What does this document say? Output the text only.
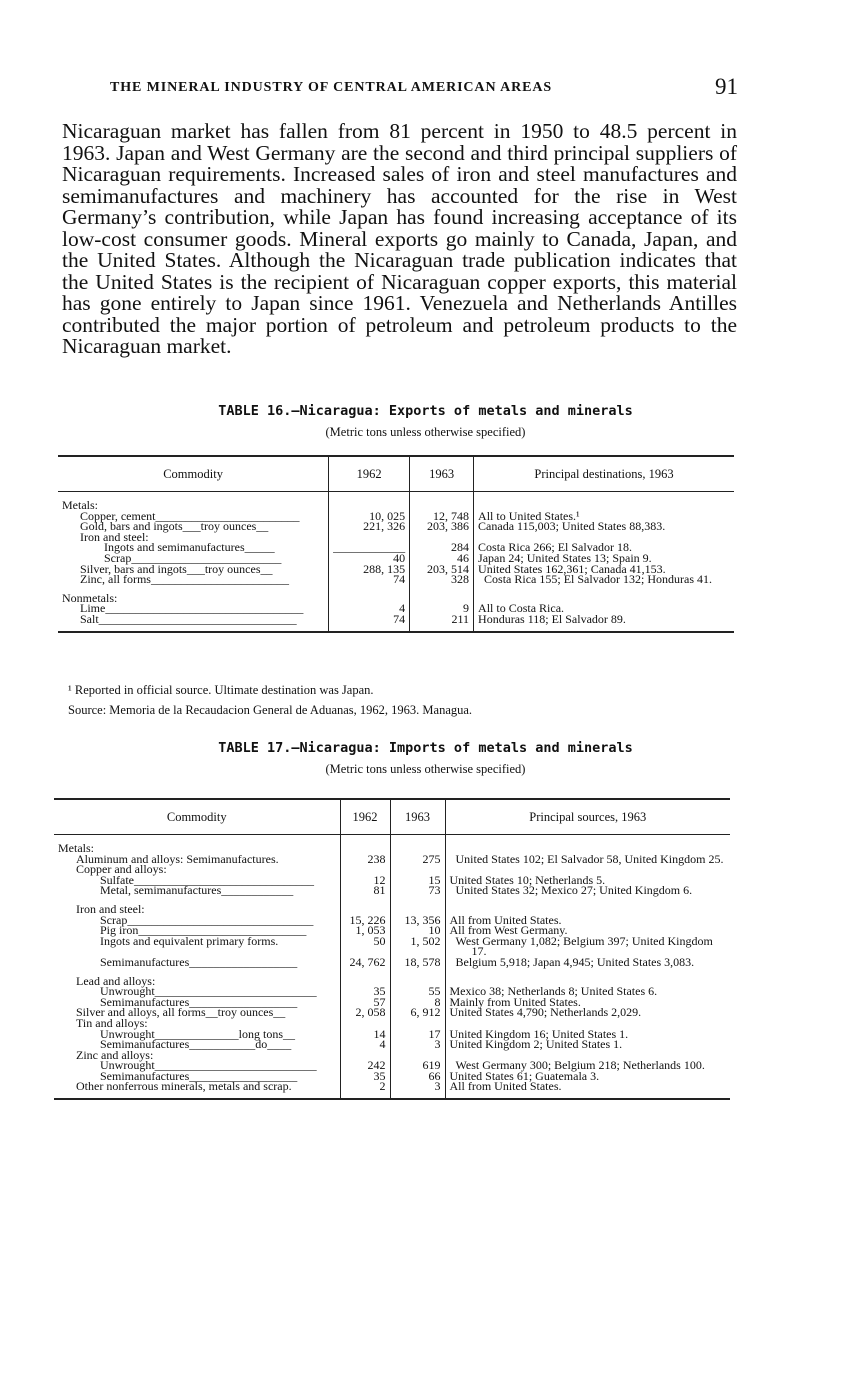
THE MINERAL INDUSTRY OF CENTRAL AMERICAN AREAS	91

Nicaraguan market has fallen from 81 percent in 1950 to 48.5 percent in 1963. Japan and West Germany are the second and third principal suppliers of Nicaraguan requirements. Increased sales of iron and steel manufactures and semimanufactures and machinery has accounted for the rise in West Germany’s contribution, while Japan has found increasing acceptance of its low-cost consumer goods. Mineral exports go mainly to Canada, Japan, and the United States. Although the Nicaraguan trade publication indicates that the United States is the recipient of Nicaraguan copper exports, this material has gone entirely to Japan since 1961. Venezuela and Netherlands Antilles contributed the major portion of petroleum and petroleum products to the Nicaraguan market.

TABLE 16.—Nicaragua: Exports of metals and minerals
(Metric tons unless otherwise specified)
Commodity	1962	1963	Principal destinations, 1963

Metals:			
Copper, cement________________________	10, 025	12, 748	All to United States.¹
Gold, bars and ingots___troy ounces__	221, 326	203, 386	Canada 115,003; United States 88,383.
Iron and steel:			
Ingots and semimanufactures_____	____________	284	Costa Rica 266; El Salvador 18.
Scrap_________________________	40	46	Japan 24; United States 13; Spain 9.
Silver, bars and ingots___troy ounces__	288, 135	203, 514	United States 162,361; Canada 41,153.
Zinc, all forms_______________________	74	328	Costa Rica 155; El Salvador 132; Honduras 41.

Nonmetals:			
Lime_________________________________	4	9	All to Costa Rica.
Salt_________________________________	74	211	Honduras 118; El Salvador 89.
¹ Reported in official source. Ultimate destination was Japan.
Source: Memoria de la Recaudacion General de Aduanas, 1962, 1963. Managua.
TABLE 17.—Nicaragua: Imports of metals and minerals
(Metric tons unless otherwise specified)
Commodity	1962	1963	Principal sources, 1963

Metals:			
Aluminum and alloys: Semimanufactures.	238	275	United States 102; El Salvador 58, United Kingdom 25.
Copper and alloys:			
Sulfate______________________________	12	15	United States 10; Netherlands 5.
Metal, semimanufactures____________	81	73	United States 32; Mexico 27; United Kingdom 6.

Iron and steel:			
Scrap_______________________________	15, 226	13, 356	All from United States.
Pig iron____________________________	1, 053	10	All from West Germany.
Ingots and equivalent primary forms.	50	1, 502	West Germany 1,082; Belgium 397; United Kingdom 17.
Semimanufactures__________________	24, 762	18, 578	Belgium 5,918; Japan 4,945; United States 3,083.

Lead and alloys:			
Unwrought___________________________	35	55	Mexico 38; Netherlands 8; United States 6.
Semimanufactures__________________	57	8	Mainly from United States.
Silver and alloys, all forms__troy ounces__	2, 058	6, 912	United States 4,790; Netherlands 2,029.
Tin and alloys:			
Unwrought______________long tons__	14	17	United Kingdom 16; United States 1.
Semimanufactures___________do____	4	3	United Kingdom 2; United States 1.
Zinc and alloys:			
Unwrought___________________________	242	619	West Germany 300; Belgium 218; Netherlands 100.
Semimanufactures__________________	35	66	United States 61; Guatemala 3.
Other nonferrous minerals, metals and scrap.	2	3	All from United States.
